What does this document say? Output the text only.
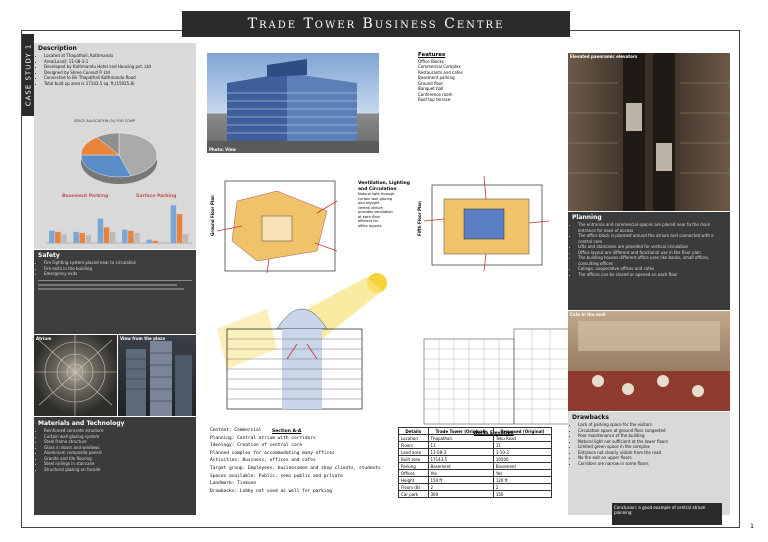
Description
• Located at Thapathali, Kathmandu
• Area(Land): 11-08-3-1
• Developed by Kathmandu Hotel and Housing pvt. Ltd
• Designed by Shree Consult P. Ltd
• Connected to Bir Thapathali Kathmandu Road
• Total built up area is 17143.5 sq. ft.(15925.8)
SPACE ALLOCATION (%) FOR COMP
Basement Parking	Surface Parking
Safety
• Fire Fighting system placed near to circulation
• Fire exits in the building
• Emergency exits
Atrium	View from the plaza
Materials and Technology
• Reinforced concrete structure
• Curtain wall glazing system
• Steel frame structure
• Glass in doors and windows
• Aluminium composite panels
• Granite and tile flooring
• Steel railings in staircase
• Structural glazing on facade
Photo: View
Features
Office Blocks
Commercial Complex
Restaurants and cafes
Basement parking
Ground floor
Banquet hall
Conference room
Roof top terrace
Ground Floor Plan
Ventilation, Lighting and Circulation
Natural light through
curtain wall glazing
and skylight
central atrium
provides ventilation
at each floor
efficient for
office layouts	Fifth Floor Plan
Section A-A	North Elevation
Context: Commercial
Planning: Central atrium with corridors
Ideology: Creation of central core
Planned complex for accommodating many offices
Activities: Business, offices and cafes
Target group: Employees, businessmen and shop clients, students
Spaces available: Public, semi public and private
Landmark: Tinkune
Drawbacks: Lobby not used as well for parking
Details	Trade Tower (Original)	Proposed (Original)
Location	Thapathali	Teku Road
Floors	13	11
Land area	11-08-3	1-10-2
Built area	17143.5	10500
Parking	Basement	Basement
Offices	Yes	Yes
Height	150 ft	120 ft
Floors (B)	2	2
Car park	300	150
Elevated panoramic elevators
Planning
• The entrance and commercial spaces are placed near to the main entrance for ease of access
• The office block is planned around the atrium and connected with a central core
• Lifts and staircases are provided for vertical circulation
• Office layout are different and functional use in the floor plan
• The building houses different office uses like banks, small offices, consulting offices
• College, cooperative offices and cafes
• The offices can be closed or opened on each floor
Cafe in the mall
Drawbacks
• Lack of parking space for the visitors
• Circulation space at ground floor congested
• Poor maintenance of the building
• Natural light not sufficient at the lower floors
• Limited green space in the complex
• Entrance not clearly visible from the road
• No fire exit on upper floors
• Corridors are narrow in some floors
Conclusion: a good example of central atrium planning
Trade Tower Business Centre
CASE STUDY 1
1
